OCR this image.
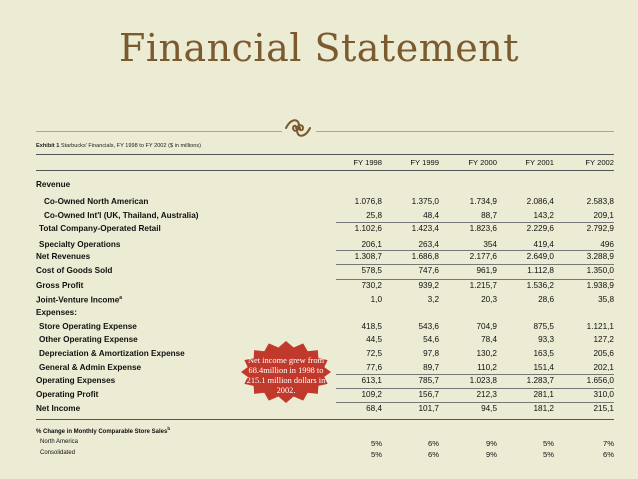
Financial Statement
Exhibit 1 Starbucks' Financials, FY 1998 to FY 2002 ($ in millions)
FY 1998	FY 1999	FY 2000	FY 2001	FY 2002
Revenue
Co-Owned North American	1.076,8	1.375,0	1.734,9	2.086,4	2.583,8
Co-Owned Int'l (UK, Thailand, Australia)	25,8	48,4	88,7	143,2	209,1
Total Company-Operated Retail	1.102,6	1.423,4	1.823,6	2.229,6	2.792,9
Specialty Operations	206,1	263,4	354	419,4	496
Net Revenues	1.308,7	1.686,8	2.177,6	2.649,0	3.288,9
Cost of Goods Sold	578,5	747,6	961,9	1.112,8	1.350,0
Gross Profit	730,2	939,2	1.215,7	1.536,2	1.938,9
Joint-Venture Income$^a$	1,0	3,2	20,3	28,6	35,8
Expenses:
Store Operating Expense	418,5	543,6	704,9	875,5	1.121,1
Other Operating Expense	44,5	54,6	78,4	93,3	127,2
Depreciation & Amortization Expense	72,5	97,8	130,2	163,5	205,6
General & Admin Expense	77,6	89,7	110,2	151,4	202,1
Operating Expenses	613,1	785,7	1.023,8	1.283,7	1.656,0
Operating Profit	109,2	156,7	212,3	281,1	310,0
Net Income	68,4	101,7	94,5	181,2	215,1
% Change in Monthly Comparable Store Sales$^b$
North America	5%	6%	9%	5%	7%
Consolidated	5%	6%	9%	5%	6%
Net income grew from 68.4million in 1998 to 215.1 million dollars in 2002.
